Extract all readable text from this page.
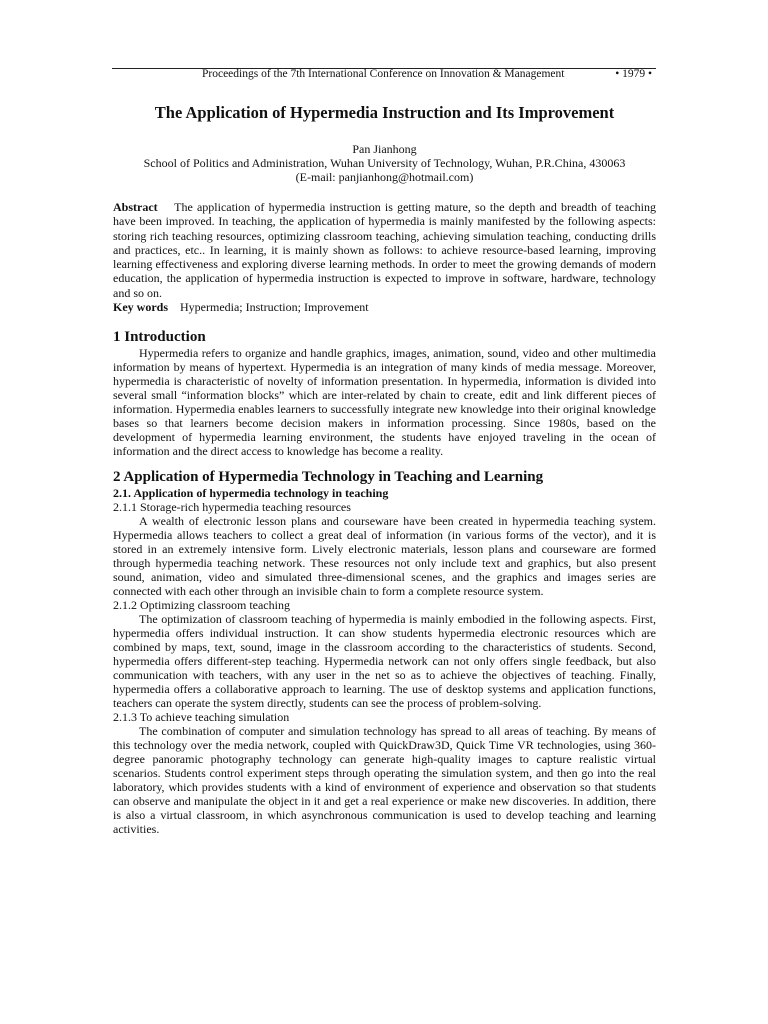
Proceedings of the 7th International Conference on Innovation & Management	• 1979 •
The Application of Hypermedia Instruction and Its Improvement
Pan Jianhong
School of Politics and Administration, Wuhan University of Technology, Wuhan, P.R.China, 430063
(E-mail: panjianhong@hotmail.com)
Abstract The application of hypermedia instruction is getting mature, so the depth and breadth of teaching have been improved. In teaching, the application of hypermedia is mainly manifested by the following aspects: storing rich teaching resources, optimizing classroom teaching, achieving simulation teaching, conducting drills and practices, etc.. In learning, it is mainly shown as follows: to achieve resource-based learning, improving learning effectiveness and exploring diverse learning methods. In order to meet the growing demands of modern education, the application of hypermedia instruction is expected to improve in software, hardware, technology and so on.
Key words Hypermedia; Instruction; Improvement
1 Introduction

Hypermedia refers to organize and handle graphics, images, animation, sound, video and other multimedia information by means of hypertext. Hypermedia is an integration of many kinds of media message. Moreover, hypermedia is characteristic of novelty of information presentation. In hypermedia, information is divided into several small “information blocks” which are inter-related by chain to create, edit and link different pieces of information. Hypermedia enables learners to successfully integrate new knowledge into their original knowledge bases so that learners become decision makers in information processing. Since 1980s, based on the development of hypermedia learning environment, the students have enjoyed traveling in the ocean of information and the direct access to knowledge has become a reality.

2 Application of Hypermedia Technology in Teaching and Learning
2.1. Application of hypermedia technology in teaching
2.1.1 Storage-rich hypermedia teaching resources

A wealth of electronic lesson plans and courseware have been created in hypermedia teaching system. Hypermedia allows teachers to collect a great deal of information (in various forms of the vector), and it is stored in an extremely intensive form. Lively electronic materials, lesson plans and courseware are formed through hypermedia teaching network. These resources not only include text and graphics, but also present sound, animation, video and simulated three-dimensional scenes, and the graphics and images series are connected with each other through an invisible chain to form a complete resource system.

2.1.2 Optimizing classroom teaching

The optimization of classroom teaching of hypermedia is mainly embodied in the following aspects. First, hypermedia offers individual instruction. It can show students hypermedia electronic resources which are combined by maps, text, sound, image in the classroom according to the characteristics of students. Second, hypermedia offers different-step teaching. Hypermedia network can not only offers single feedback, but also communication with teachers, with any user in the net so as to achieve the objectives of teaching. Finally, hypermedia offers a collaborative approach to learning. The use of desktop systems and application functions, teachers can operate the system directly, students can see the process of problem-solving.

2.1.3 To achieve teaching simulation

The combination of computer and simulation technology has spread to all areas of teaching. By means of this technology over the media network, coupled with QuickDraw3D, Quick Time VR technologies, using 360-degree panoramic photography technology can generate high-quality images to capture realistic virtual scenarios. Students control experiment steps through operating the simulation system, and then go into the real laboratory, which provides students with a kind of environment of experience and observation so that students can observe and manipulate the object in it and get a real experience or make new discoveries. In addition, there is also a virtual classroom, in which asynchronous communication is used to develop teaching and learning activities.
